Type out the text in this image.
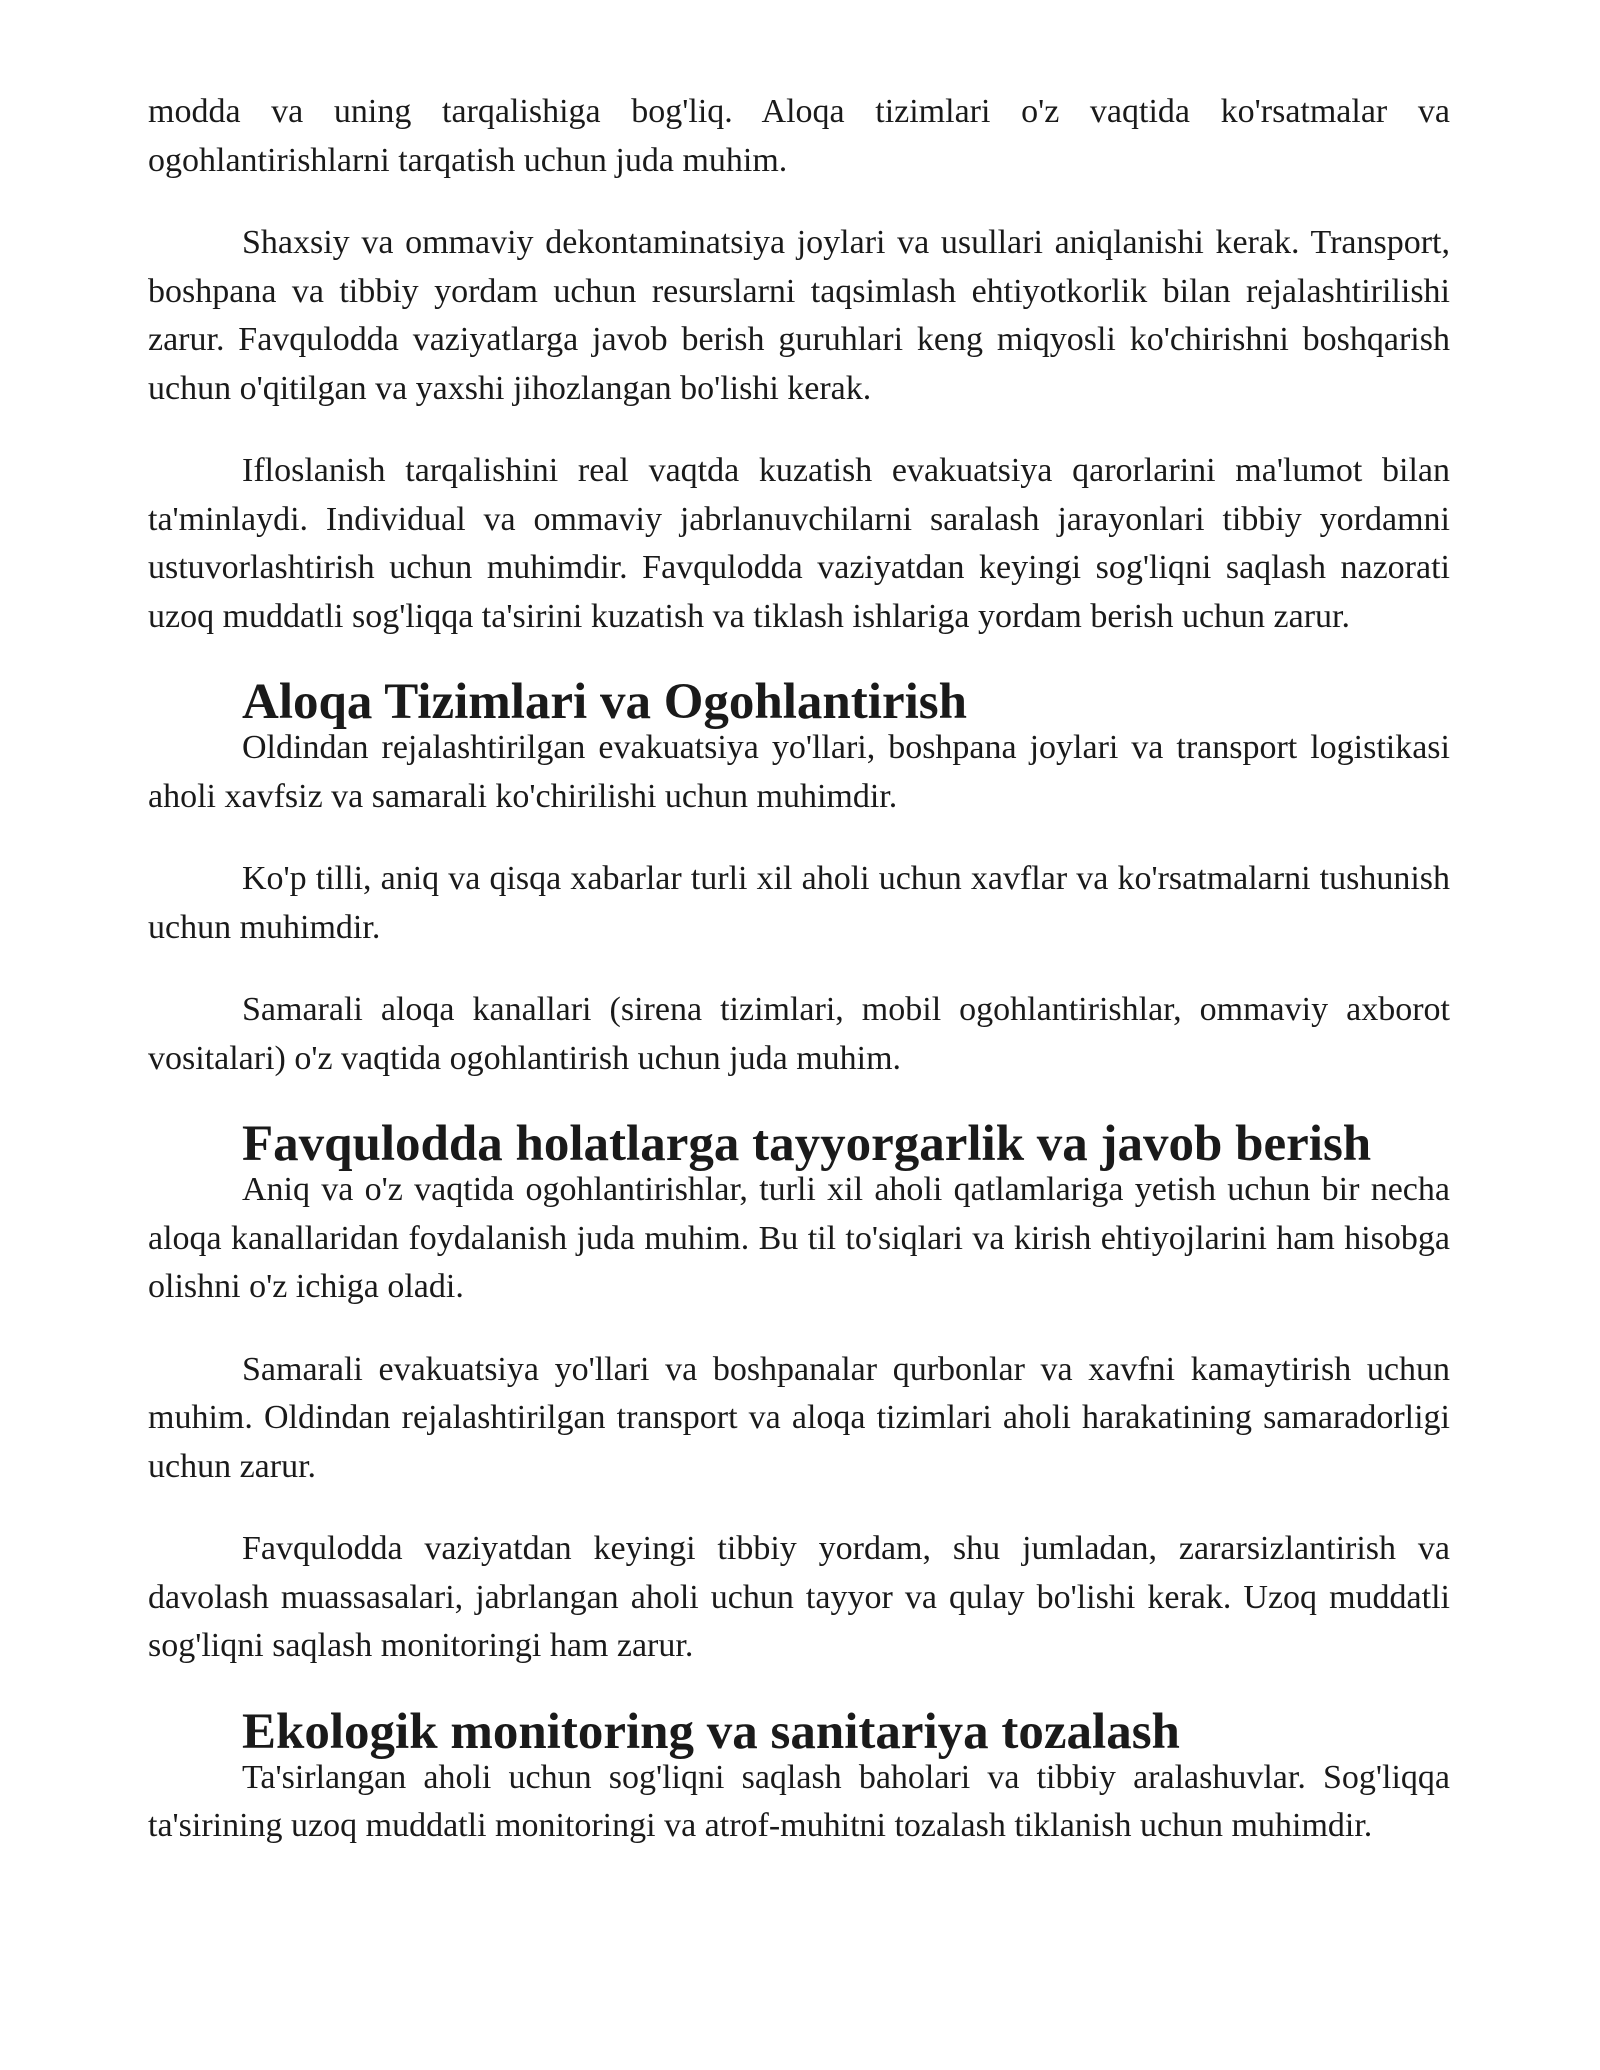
modda va uning tarqalishiga bog'liq. Aloqa tizimlari o'z vaqtida ko'rsatmalar va ogohlantirishlarni tarqatish uchun juda muhim.

Shaxsiy va ommaviy dekontaminatsiya joylari va usullari aniqlanishi kerak. Transport, boshpana va tibbiy yordam uchun resurslarni taqsimlash ehtiyotkorlik bilan rejalashtirilishi zarur. Favqulodda vaziyatlarga javob berish guruhlari keng miqyosli ko'chirishni boshqarish uchun o'qitilgan va yaxshi jihozlangan bo'lishi kerak.

Ifloslanish tarqalishini real vaqtda kuzatish evakuatsiya qarorlarini ma'lumot bilan ta'minlaydi. Individual va ommaviy jabrlanuvchilarni saralash jarayonlari tibbiy yordamni ustuvorlashtirish uchun muhimdir. Favqulodda vaziyatdan keyingi sog'liqni saqlash nazorati uzoq muddatli sog'liqqa ta'sirini kuzatish va tiklash ishlariga yordam berish uchun zarur.

Aloqa Tizimlari va Ogohlantirish

Oldindan rejalashtirilgan evakuatsiya yo'llari, boshpana joylari va transport logistikasi aholi xavfsiz va samarali ko'chirilishi uchun muhimdir.

Ko'p tilli, aniq va qisqa xabarlar turli xil aholi uchun xavflar va ko'rsatmalarni tushunish uchun muhimdir.

Samarali aloqa kanallari (sirena tizimlari, mobil ogohlantirishlar, ommaviy axborot vositalari) o'z vaqtida ogohlantirish uchun juda muhim.

Favqulodda holatlarga tayyorgarlik va javob berish

Aniq va o'z vaqtida ogohlantirishlar, turli xil aholi qatlamlariga yetish uchun bir necha aloqa kanallaridan foydalanish juda muhim. Bu til to'siqlari va kirish ehtiyojlarini ham hisobga olishni o'z ichiga oladi.

Samarali evakuatsiya yo'llari va boshpanalar qurbonlar va xavfni kamaytirish uchun muhim. Oldindan rejalashtirilgan transport va aloqa tizimlari aholi harakatining samaradorligi uchun zarur.

Favqulodda vaziyatdan keyingi tibbiy yordam, shu jumladan, zararsizlantirish va davolash muassasalari, jabrlangan aholi uchun tayyor va qulay bo'lishi kerak. Uzoq muddatli sog'liqni saqlash monitoringi ham zarur.

Ekologik monitoring va sanitariya tozalash

Ta'sirlangan aholi uchun sog'liqni saqlash baholari va tibbiy aralashuvlar. Sog'liqqa ta'sirining uzoq muddatli monitoringi va atrof-muhitni tozalash tiklanish uchun muhimdir.
